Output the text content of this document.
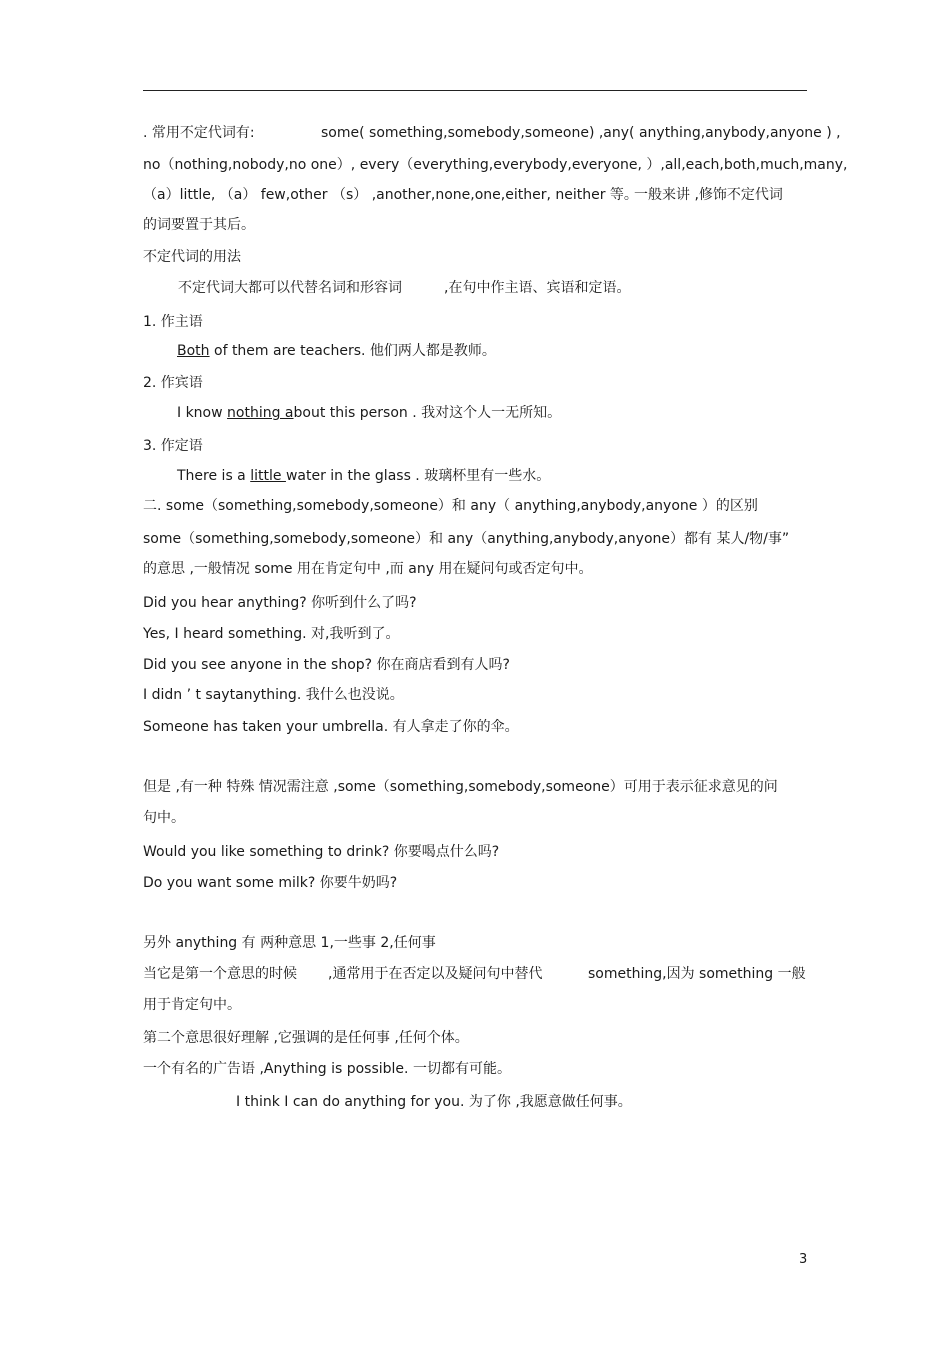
. 常用不定代词有:	some( something,somebody,someone) ,any( anything,anybody,anyone ) ,
no（nothing,nobody,no one）, every（everything,everybody,everyone, ）,all,each,both,much,many,
（a）little, （a） few,other （s） ,another,none,one,either, neither 等。
一般来讲 ,修饰不定代词
的词要置于其后。
不定代词的用法
不定代词大都可以代替名词和形容词	,在句中作主语、宾语和定语。
1. 作主语
Both of them are teachers. 他们两人都是教师。
2. 作宾语
I know nothing about this person . 我对这个人一无所知。
3. 作定语
There is a little water in the glass . 玻璃杯里有一些水。
二. some（something,somebody,someone）和 any（ anything,anybody,anyone ）的区别
some（something,somebody,someone）和 any（anything,anybody,anyone）都有 某人/物/事”
的意思 ,一般情况 some 用在肯定句中 ,而 any 用在疑问句或否定句中。
Did you hear anything? 你听到什么了吗?
Yes, I heard something. 对,我听到了。
Did you see anyone in the shop? 你在商店看到有人吗?
I didn ’ t saytanything. 我什么也没说。
Someone has taken your umbrella. 有人拿走了你的伞。
但是 ,有一种 特殊 情况需注意 ,some（something,somebody,someone）可用于表示征求意见的问
句中。
Would you like something to drink? 你要喝点什么吗?
Do you want some milk? 你要牛奶吗?
另外 anything 有 两种意思 1,一些事 2,任何事
当它是第一个意思的时候 ,通常用于在否定以及疑问句中替代	something,因为 something 一般
用于肯定句中。
第二个意思很好理解 ,它强调的是任何事 ,任何个体。
一个有名的广告语 ,Anything is possible. 一切都有可能。
I think I can do anything for you. 为了你 ,我愿意做任何事。
3
